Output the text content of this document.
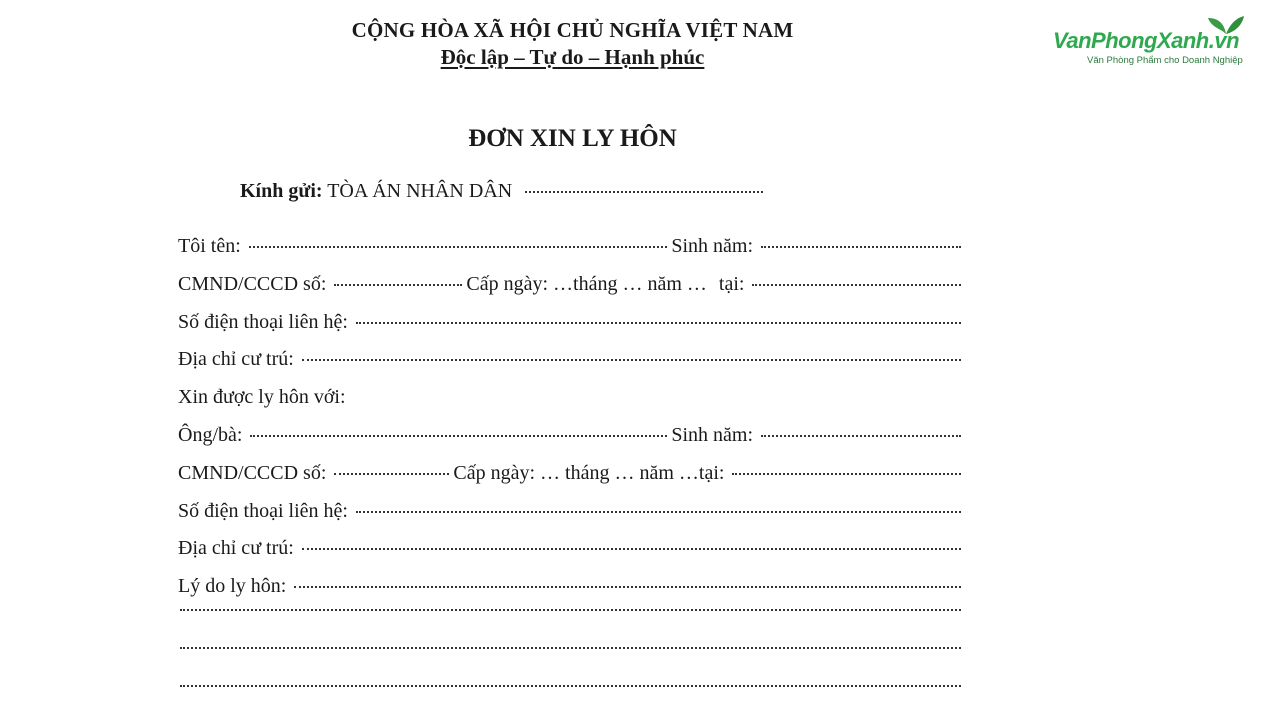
VanPhongXanh.vn
Văn Phòng Phẩm cho Doanh Nghiệp
CỘNG HÒA XÃ HỘI CHỦ NGHĨA VIỆT NAM
Độc lập – Tự do – Hạnh phúc
ĐƠN XIN LY HÔN
Kính gửi: TÒA ÁN NHÂN DÂN
Tôi tên:	Sinh năm:
CMND/CCCD số:	Cấp ngày: …tháng … năm … tại:
Số điện thoại liên hệ:
Địa chỉ cư trú:
Xin được ly hôn với:
Ông/bà:	Sinh năm:
CMND/CCCD số:	Cấp ngày: … tháng … năm …tại:
Số điện thoại liên hệ:
Địa chỉ cư trú:
Lý do ly hôn:
